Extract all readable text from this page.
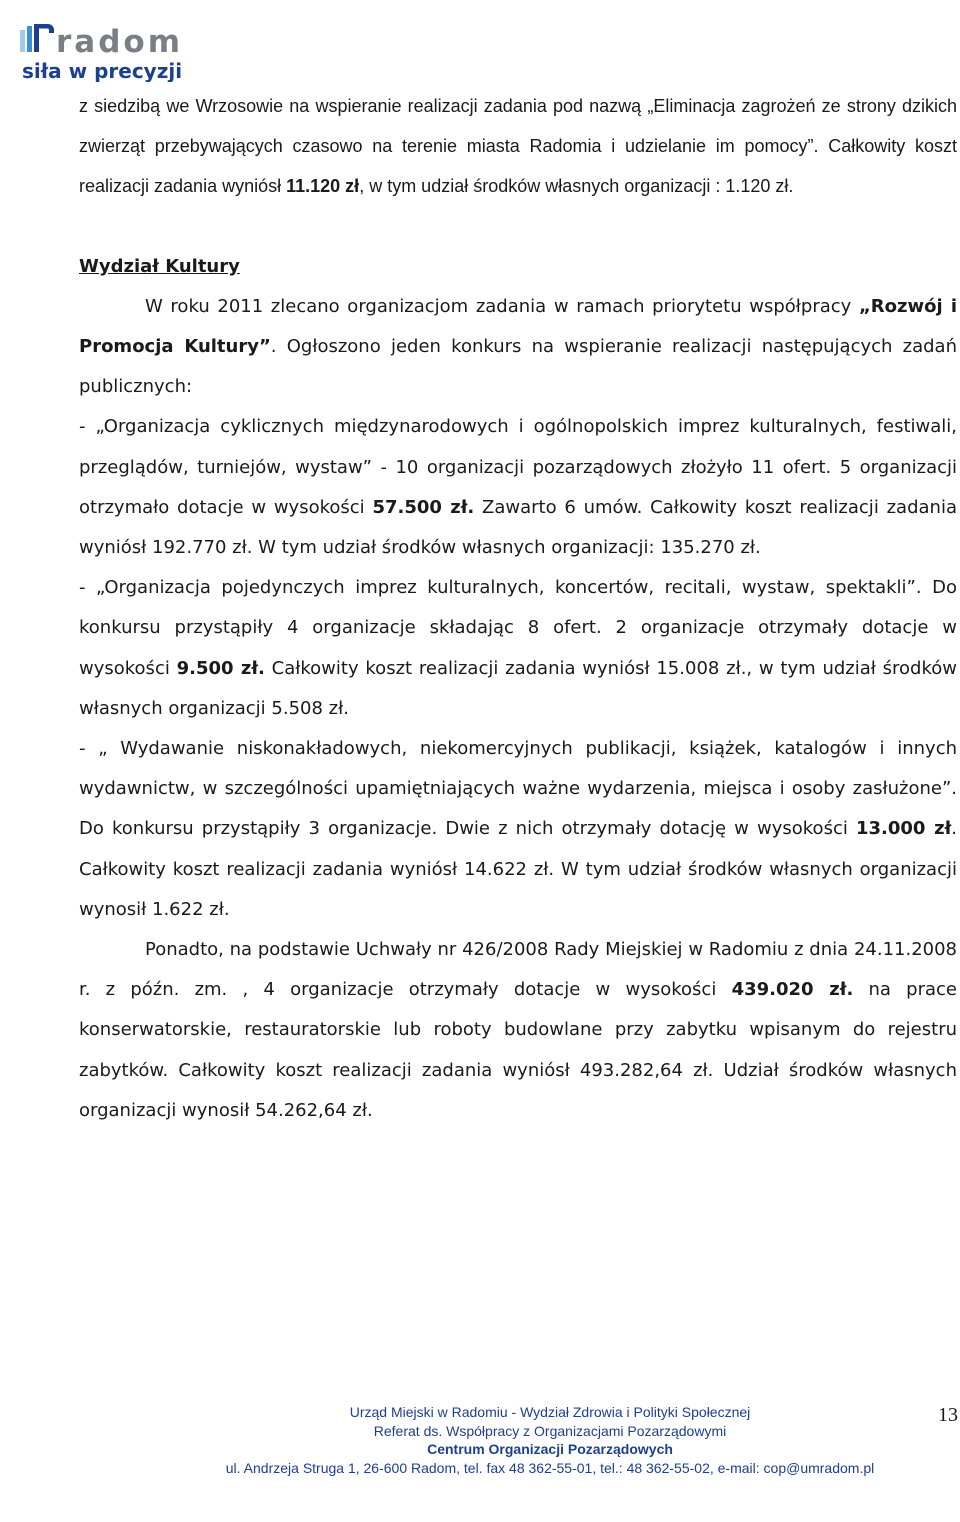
radom
siła w precyzji

z siedzibą we Wrzosowie na wspieranie realizacji zadania pod nazwą „Eliminacja zagrożeń ze strony dzikich zwierząt przebywających czasowo na terenie miasta Radomia i udzielanie im pomocy”. Całkowity koszt realizacji zadania wyniósł 11.120 zł, w tym udział środków własnych organizacji : 1.120 zł.

Wydział Kultury

W roku 2011 zlecano organizacjom zadania w ramach priorytetu współpracy „Rozwój i Promocja Kultury”. Ogłoszono jeden konkurs na wspieranie realizacji następujących zadań publicznych:

- „Organizacja cyklicznych międzynarodowych i ogólnopolskich imprez kulturalnych, festiwali, przeglądów, turniejów, wystaw” - 10 organizacji pozarządowych złożyło 11 ofert. 5 organizacji otrzymało dotacje w wysokości 57.500 zł. Zawarto 6 umów. Całkowity koszt realizacji zadania wyniósł 192.770 zł. W tym udział środków własnych organizacji: 135.270 zł.

- „Organizacja pojedynczych imprez kulturalnych, koncertów, recitali, wystaw, spektakli”. Do konkursu przystąpiły 4 organizacje składając 8 ofert. 2 organizacje otrzymały dotacje w wysokości 9.500 zł. Całkowity koszt realizacji zadania wyniósł 15.008 zł., w tym udział środków własnych organizacji 5.508 zł.

- „ Wydawanie niskonakładowych, niekomercyjnych publikacji, książek, katalogów i innych wydawnictw, w szczególności upamiętniających ważne wydarzenia, miejsca i osoby zasłużone”. Do konkursu przystąpiły 3 organizacje. Dwie z nich otrzymały dotację w wysokości 13.000 zł. Całkowity koszt realizacji zadania wyniósł 14.622 zł. W tym udział środków własnych organizacji wynosił 1.622 zł.

Ponadto, na podstawie Uchwały nr 426/2008 Rady Miejskiej w Radomiu z dnia 24.11.2008 r. z późn. zm. , 4 organizacje otrzymały dotacje w wysokości 439.020 zł. na prace konserwatorskie, restauratorskie lub roboty budowlane przy zabytku wpisanym do rejestru zabytków. Całkowity koszt realizacji zadania wyniósł 493.282,64 zł. Udział środków własnych organizacji wynosił 54.262,64 zł.

Urząd Miejski w Radomiu - Wydział Zdrowia i Polityki Społecznej
Referat ds. Współpracy z Organizacjami Pozarządowymi
Centrum Organizacji Pozarządowych
ul. Andrzeja Struga 1, 26-600 Radom, tel. fax 48 362-55-01, tel.: 48 362-55-02, e-mail: cop@umradom.pl
13
